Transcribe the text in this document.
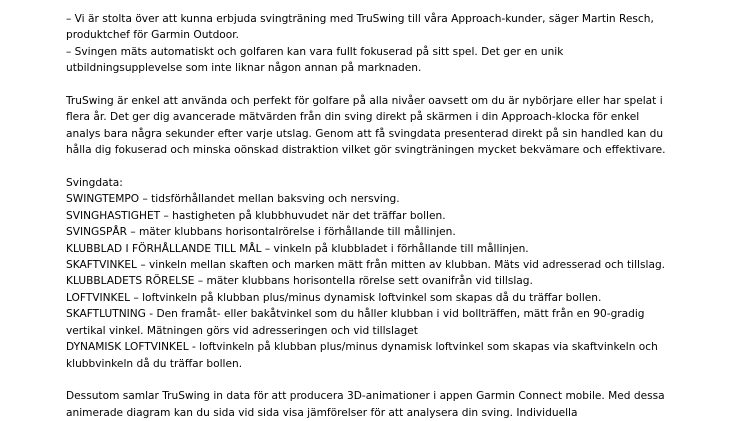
– Vi är stolta över att kunna erbjuda svingträning med TruSwing till våra Approach-kunder, säger Martin Resch, produktchef för Garmin Outdoor.

– Svingen mäts automatiskt och golfaren kan vara fullt fokuserad på sitt spel. Det ger en unik utbildningsupplevelse som inte liknar någon annan på marknaden.

TruSwing är enkel att använda och perfekt för golfare på alla nivåer oavsett om du är nybörjare eller har spelat i flera år. Det ger dig avancerade mätvärden från din sving direkt på skärmen i din Approach-klocka för enkel analys bara några sekunder efter varje utslag. Genom att få svingdata presenterad direkt på sin handled kan du hålla dig fokuserad och minska oönskad distraktion vilket gör svingträningen mycket bekvämare och effektivare.

Svingdata:

SWINGTEMPO – tidsförhållandet mellan baksving och nersving.

SVINGHASTIGHET – hastigheten på klubbhuvudet när det träffar bollen.

SVINGSPÅR – mäter klubbans horisontalrörelse i förhållande till mållinjen.

KLUBBLAD I FÖRHÅLLANDE TILL MÅL – vinkeln på klubbladet i förhållande till mållinjen.

SKAFTVINKEL – vinkeln mellan skaften och marken mätt från mitten av klubban. Mäts vid adresserad och tillslag.

KLUBBLADETS RÖRELSE – mäter klubbans horisontella rörelse sett ovanifrån vid tillslag.

LOFTVINKEL – loftvinkeln på klubban plus/minus dynamisk loftvinkel som skapas då du träffar bollen.

SKAFTLUTNING - Den framåt- eller bakåtvinkel som du håller klubban i vid bollträffen, mätt från en 90-gradig vertikal vinkel. Mätningen görs vid adresseringen och vid tillslaget

DYNAMISK LOFTVINKEL - loftvinkeln på klubban plus/minus dynamisk loftvinkel som skapas via skaftvinkeln och klubbvinkeln då du träffar bollen.

Dessutom samlar TruSwing in data för att producera 3D-animationer i appen Garmin Connect mobile. Med dessa animerade diagram kan du sida vid sida visa jämförelser för att analysera din sving. Individuella
